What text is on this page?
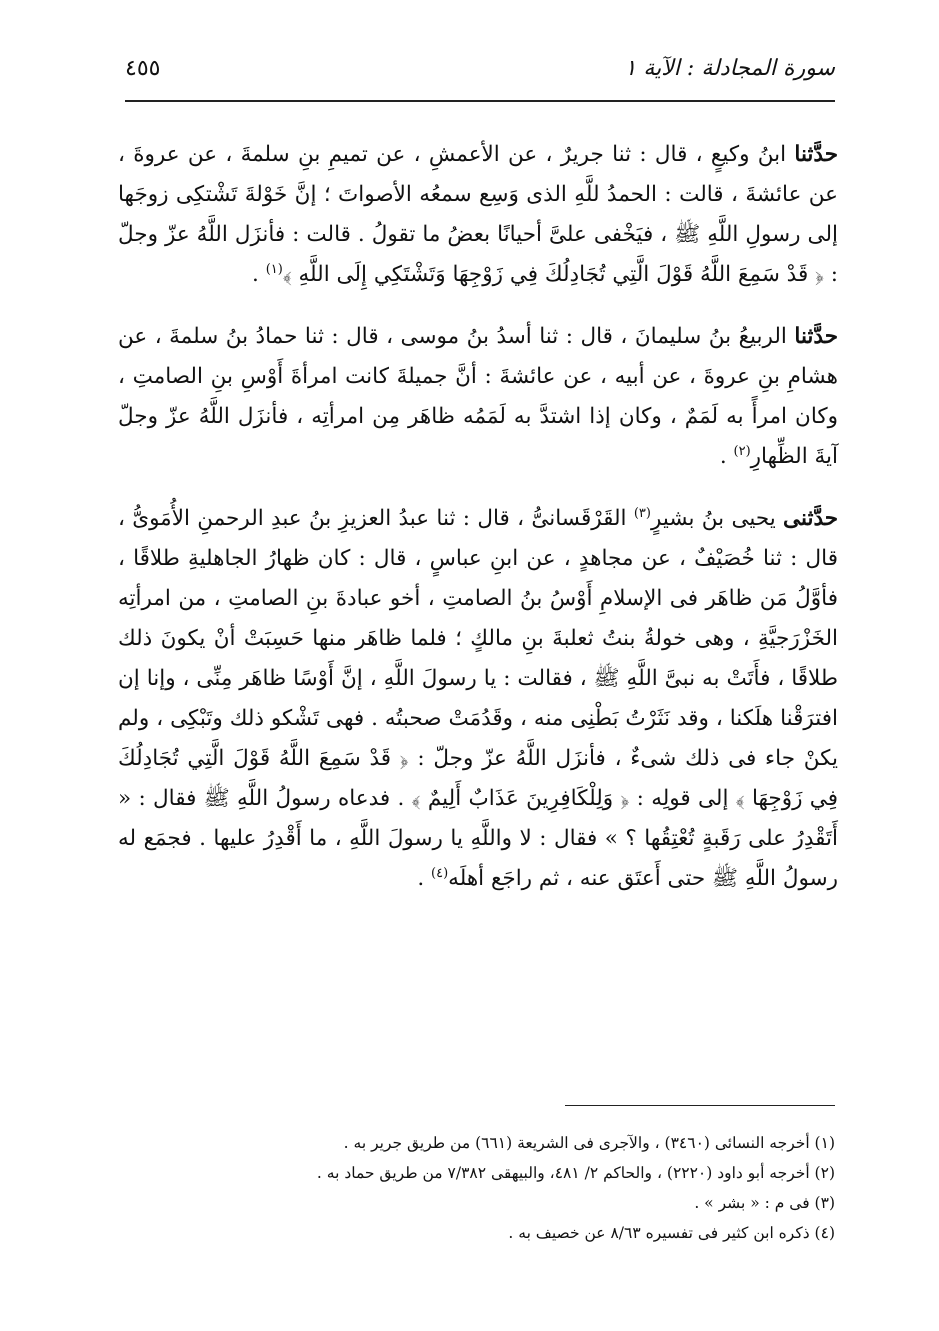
سورة المجادلة : الآية ١
٤٥٥

حدَّثنا ابنُ وكيعٍ ، قال : ثنا جريرٌ ، عن الأعمشِ ، عن تميمِ بنِ سلمةَ ، عن عروةَ ، عن عائشةَ ، قالت : الحمدُ للَّهِ الذى وَسِع سمعُه الأصواتَ ؛ إنَّ خَوْلةَ تَشْتكِى زوجَها إلى رسولِ اللَّهِ ﷺ ، فيَخْفى علىَّ أحيانًا بعضُ ما تقولُ . قالت : فأنزَل اللَّهُ عزّ وجلّ : ﴿ قَدْ سَمِعَ اللَّهُ قَوْلَ الَّتِي تُجَادِلُكَ فِي زَوْجِهَا وَتَشْتَكِي إِلَى اللَّهِ ﴾$^{(١)}$ .

حدَّثنا الربيعُ بنُ سليمانَ ، قال : ثنا أسدُ بنُ موسى ، قال : ثنا حمادُ بنُ سلمةَ ، عن هشامِ بنِ عروةَ ، عن أبيه ، عن عائشةَ : أنَّ جميلةَ كانت امرأةَ أَوْسِ بنِ الصامتِ ، وكان امرأً به لَمَمٌ ، وكان إذا اشتدَّ به لَمَمُه ظاهَر مِن امرأتِه ، فأنزَل اللَّهُ عزّ وجلّ آيةَ الظِّهارِ$^{(٢)}$ .

حدَّثنى يحيى بنُ بشيرٍ$^{(٣)}$ القَرْقَسانىُّ ، قال : ثنا عبدُ العزيزِ بنُ عبدِ الرحمنِ الأُمَوىُّ ، قال : ثنا خُصَيْفٌ ، عن مجاهدٍ ، عن ابنِ عباسٍ ، قال : كان ظهارُ الجاهليةِ طلاقًا ، فأوَّلُ مَن ظاهَر فى الإسلامِ أَوْسُ بنُ الصامتِ ، أخو عبادةَ بنِ الصامتِ ، من امرأتِه الخَزْرَجيَّةِ ، وهى خولةُ بنتُ ثعلبةَ بنِ مالكٍ ؛ فلما ظاهَر منها حَسِبَتْ أنْ يكونَ ذلك طلاقًا ، فأَتَتْ به نبىَّ اللَّهِ ﷺ ، فقالت : يا رسولَ اللَّهِ ، إنَّ أَوْسًا ظاهَر مِنِّى ، وإنا إن افترَقْنا هلَكنا ، وقد نَثَرْتُ بَطْنِى منه ، وقَدُمَتْ صحبتُه . فهى تَشْكو ذلك وتَبْكِى ، ولم يكنْ جاء فى ذلك شىءٌ ، فأنزَل اللَّهُ عزّ وجلّ : ﴿ قَدْ سَمِعَ اللَّهُ قَوْلَ الَّتِي تُجَادِلُكَ فِي زَوْجِهَا ﴾ إلى قولِه : ﴿ وَلِلْكَافِرِينَ عَذَابٌ أَلِيمٌ ﴾ . فدعاه رسولُ اللَّهِ ﷺ فقال : « أَتَقْدِرُ على رَقَبةٍ تُعْتِقُها ؟ » فقال : لا واللَّهِ يا رسولَ اللَّهِ ، ما أَقْدِرُ عليها . فجمَع له رسولُ اللَّهِ ﷺ حتى أَعتَق عنه ، ثم راجَع أهلَه$^{(٤)}$ .

(١) أخرجه النسائى (٣٤٦٠) ، والآجرى فى الشريعة (٦٦١) من طريق جرير به .
(٢) أخرجه أبو داود (٢٢٢٠) ، والحاكم ٢/ ٤٨١، والبيهقى ٧/٣٨٢ من طريق حماد به .
(٣) فى م : « بشر » .
(٤) ذكره ابن كثير فى تفسيره ٨/٦٣ عن خصيف به .
